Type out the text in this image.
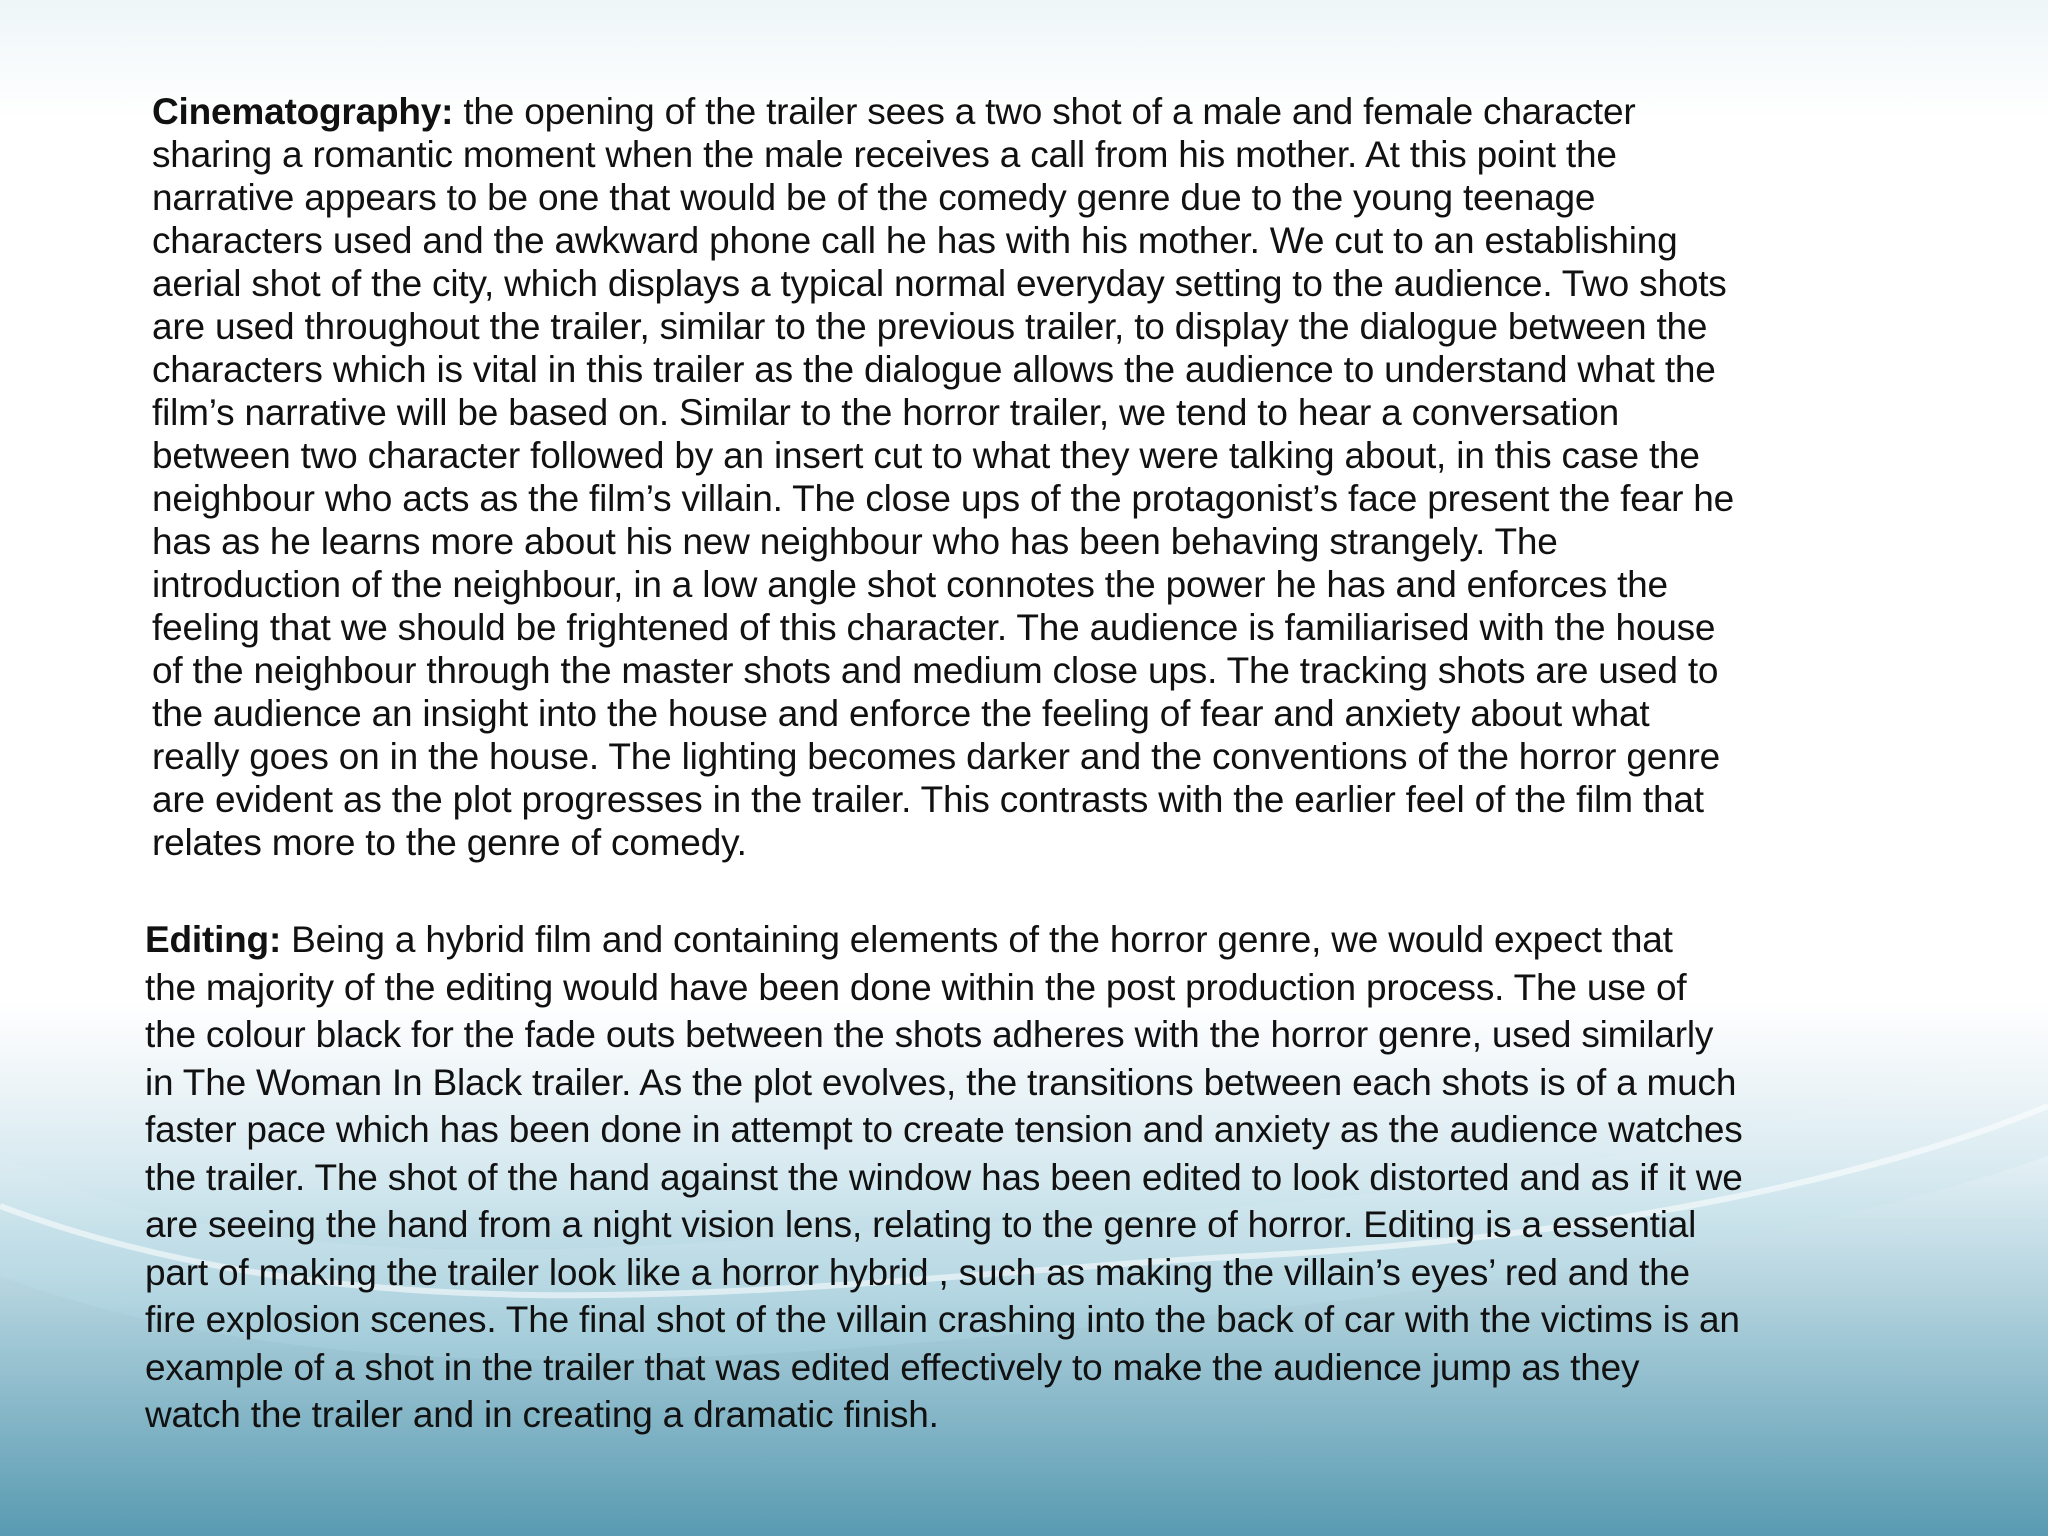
Cinematography: the opening of the trailer sees a two shot of a male and female character
sharing a romantic moment when the male receives a call from his mother. At this point the
narrative appears to be one that would be of the comedy genre due to the young teenage
characters used and the awkward phone call he has with his mother. We cut to an establishing
aerial shot of the city, which displays a typical normal everyday setting to the audience. Two shots
are used throughout the trailer, similar to the previous trailer, to display the dialogue between the
characters which is vital in this trailer as the dialogue allows the audience to understand what the
film’s narrative will be based on. Similar to the horror trailer, we tend to hear a conversation
between two character followed by an insert cut to what they were talking about, in this case the
neighbour who acts as the film’s villain. The close ups of the protagonist’s face present the fear he
has as he learns more about his new neighbour who has been behaving strangely. The
introduction of the neighbour, in a low angle shot connotes the power he has and enforces the
feeling that we should be frightened of this character. The audience is familiarised with the house
of the neighbour through the master shots and medium close ups. The tracking shots are used to
the audience an insight into the house and enforce the feeling of fear and anxiety about what
really goes on in the house. The lighting becomes darker and the conventions of the horror genre
are evident as the plot progresses in the trailer. This contrasts with the earlier feel of the film that
relates more to the genre of comedy.

Editing: Being a hybrid film and containing elements of the horror genre, we would expect that
the majority of the editing would have been done within the post production process. The use of
the colour black for the fade outs between the shots adheres with the horror genre, used similarly
in The Woman In Black trailer. As the plot evolves, the transitions between each shots is of a much
faster pace which has been done in attempt to create tension and anxiety as the audience watches
the trailer. The shot of the hand against the window has been edited to look distorted and as if it we
are seeing the hand from a night vision lens, relating to the genre of horror. Editing is a essential
part of making the trailer look like a horror hybrid , such as making the villain’s eyes’ red and the
fire explosion scenes. The final shot of the villain crashing into the back of car with the victims is an
example of a shot in the trailer that was edited effectively to make the audience jump as they
watch the trailer and in creating a dramatic finish.
